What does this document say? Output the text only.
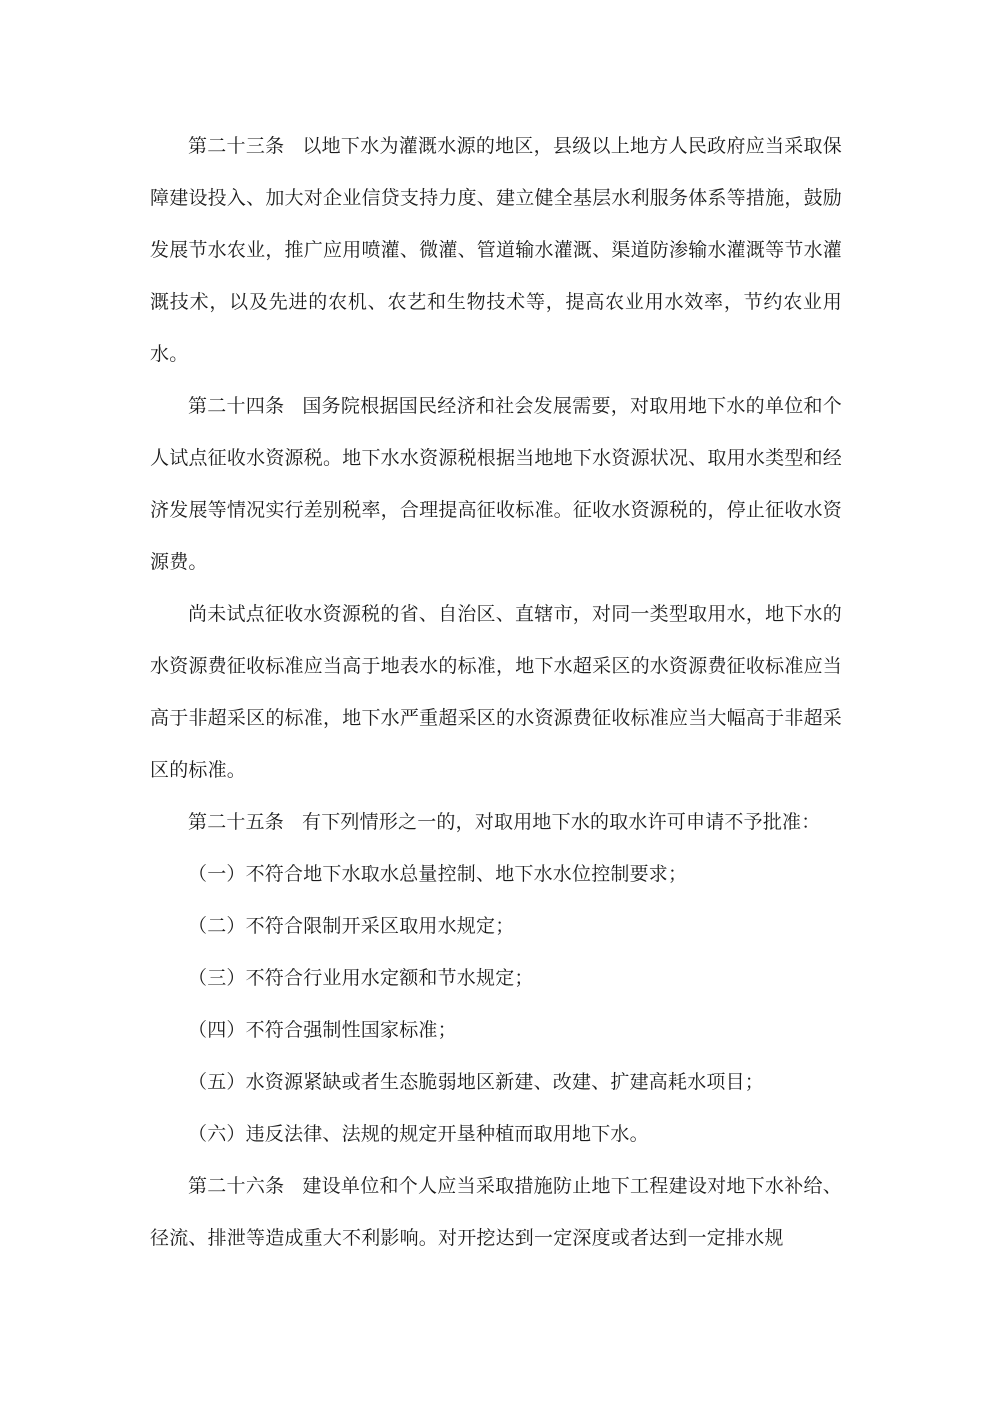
第二十三条 以地下水为灌溉水源的地区，县级以上地方人民政府应当采取保障建设投入、加大对企业信贷支持力度、建立健全基层水利服务体系等措施，鼓励发展节水农业，推广应用喷灌、微灌、管道输水灌溉、渠道防渗输水灌溉等节水灌溉技术，以及先进的农机、农艺和生物技术等，提高农业用水效率，节约农业用水。

第二十四条 国务院根据国民经济和社会发展需要，对取用地下水的单位和个人试点征收水资源税。地下水水资源税根据当地地下水资源状况、取用水类型和经济发展等情况实行差别税率，合理提高征收标准。征收水资源税的，停止征收水资源费。

尚未试点征收水资源税的省、自治区、直辖市，对同一类型取用水，地下水的水资源费征收标准应当高于地表水的标准，地下水超采区的水资源费征收标准应当高于非超采区的标准，地下水严重超采区的水资源费征收标准应当大幅高于非超采区的标准。

第二十五条 有下列情形之一的，对取用地下水的取水许可申请不予批准：

（一）不符合地下水取水总量控制、地下水水位控制要求；

（二）不符合限制开采区取用水规定；

（三）不符合行业用水定额和节水规定；

（四）不符合强制性国家标准；

（五）水资源紧缺或者生态脆弱地区新建、改建、扩建高耗水项目；

（六）违反法律、法规的规定开垦种植而取用地下水。

第二十六条 建设单位和个人应当采取措施防止地下工程建设对地下水补给、径流、排泄等造成重大不利影响。对开挖达到一定深度或者达到一定排水规
